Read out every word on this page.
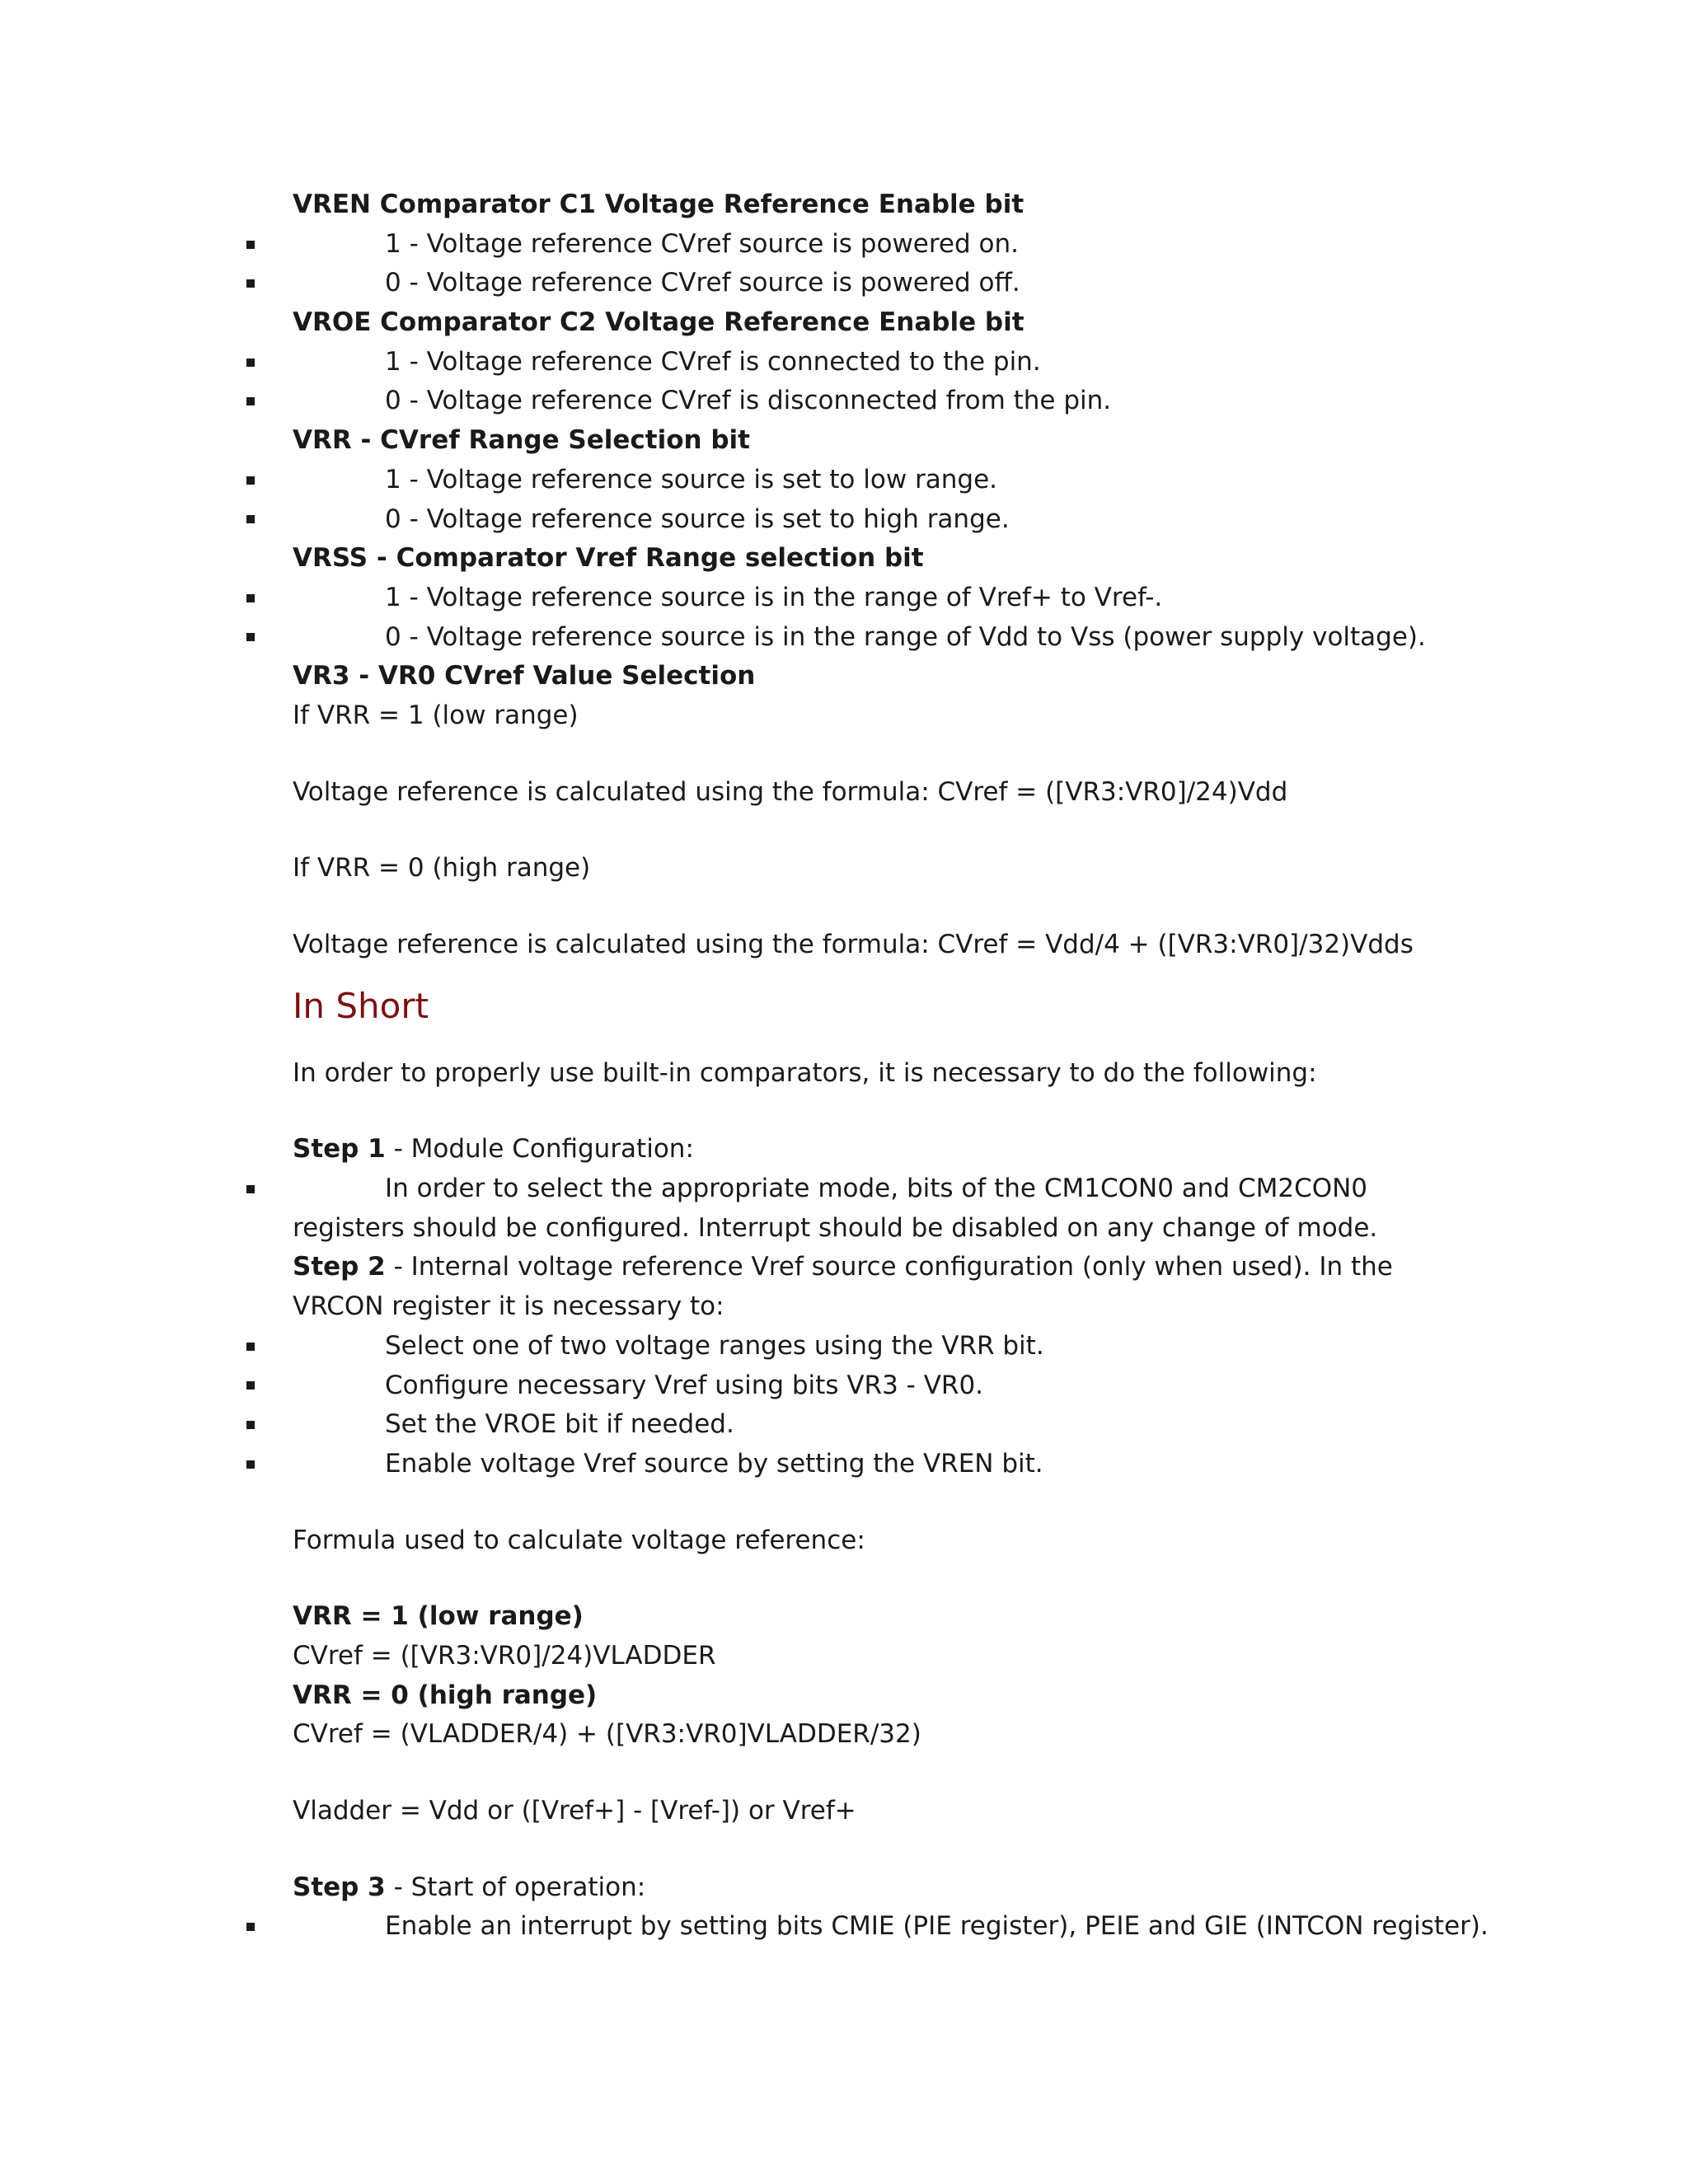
VREN Comparator C1 Voltage Reference Enable bit
1 - Voltage reference CVref source is powered on.
0 - Voltage reference CVref source is powered off.
VROE Comparator C2 Voltage Reference Enable bit
1 - Voltage reference CVref is connected to the pin.
0 - Voltage reference CVref is disconnected from the pin.
VRR - CVref Range Selection bit
1 - Voltage reference source is set to low range.
0 - Voltage reference source is set to high range.
VRSS - Comparator Vref Range selection bit
1 - Voltage reference source is in the range of Vref+ to Vref-.
0 - Voltage reference source is in the range of Vdd to Vss (power supply voltage).
VR3 - VR0 CVref Value Selection
If VRR = 1 (low range)
Voltage reference is calculated using the formula: CVref = ([VR3:VR0]/24)Vdd
If VRR = 0 (high range)
Voltage reference is calculated using the formula: CVref = Vdd/4 + ([VR3:VR0]/32)Vdds
In Short
In order to properly use built-in comparators, it is necessary to do the following:
Step 1 - Module Configuration:
In order to select the appropriate mode, bits of the CM1CON0 and CM2CON0 registers should be configured. Interrupt should be disabled on any change of mode.
Step 2 - Internal voltage reference Vref source configuration (only when used). In the VRCON register it is necessary to:
Select one of two voltage ranges using the VRR bit.
Configure necessary Vref using bits VR3 - VR0.
Set the VROE bit if needed.
Enable voltage Vref source by setting the VREN bit.
Formula used to calculate voltage reference:
VRR = 1 (low range)
CVref = ([VR3:VR0]/24)VLADDER
VRR = 0 (high range)
CVref = (VLADDER/4) + ([VR3:VR0]VLADDER/32)
Vladder = Vdd or ([Vref+] - [Vref-]) or Vref+
Step 3 - Start of operation:
Enable an interrupt by setting bits CMIE (PIE register), PEIE and GIE (INTCON register).
